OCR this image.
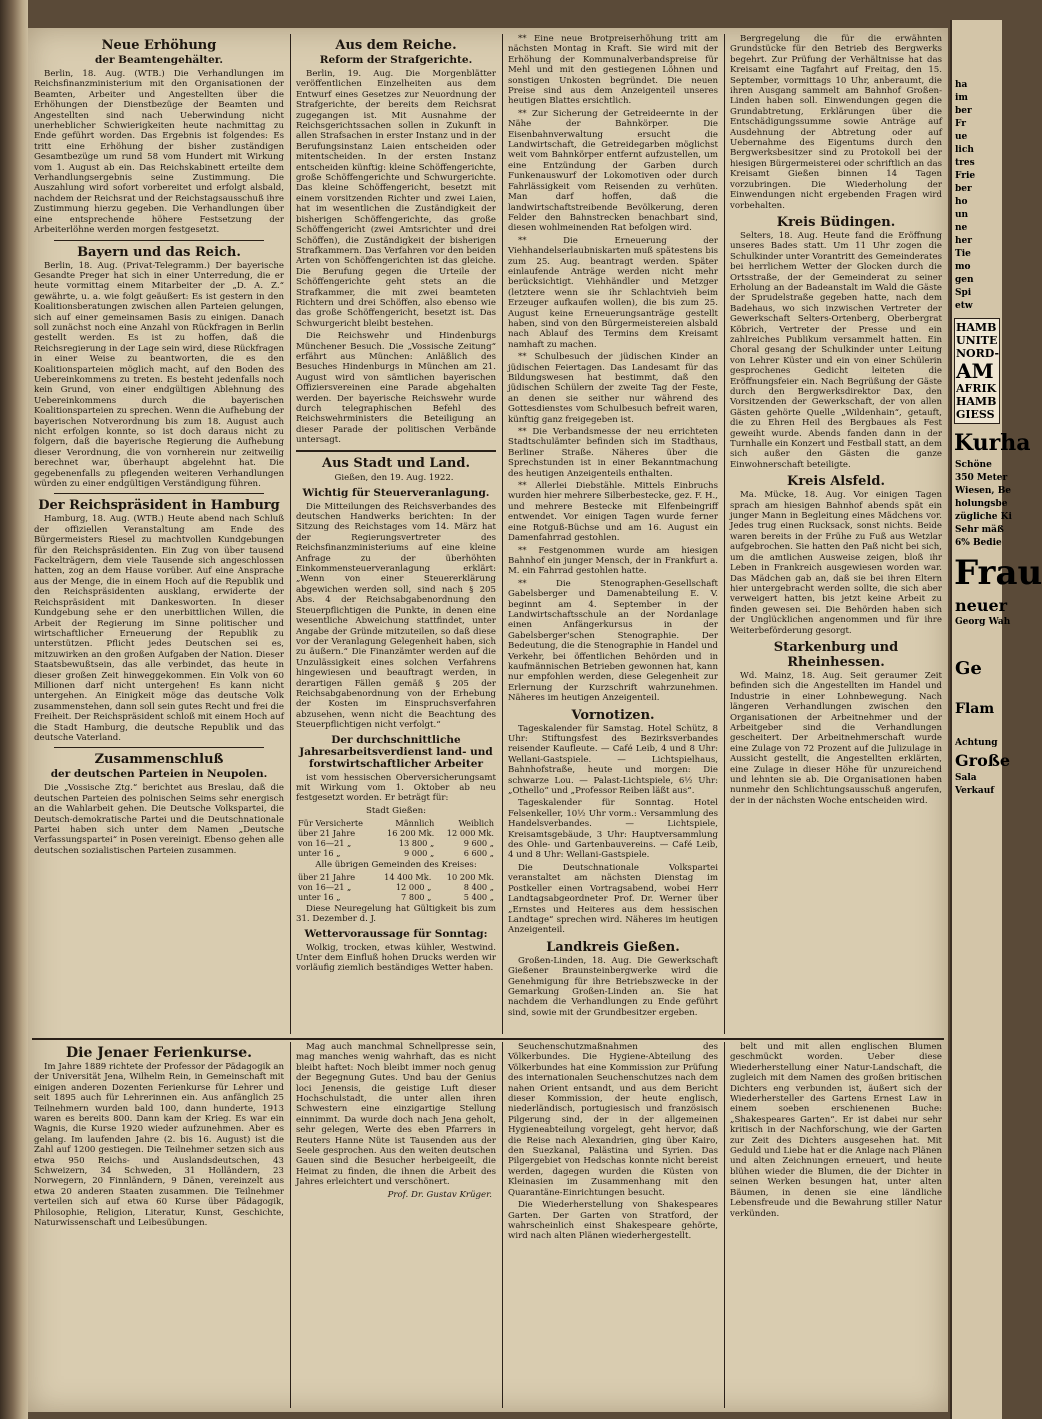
Neue Erhöhung
der Beamtengehälter.

Berlin, 18. Aug. (WTB.) Die Verhandlungen im Reichsfinanzministerium mit den Organisationen der Beamten, Arbeiter und Angestellten über die Erhöhungen der Dienstbezüge der Beamten und Angestellten sind nach Ueberwindung nicht unerheblicher Schwierigkeiten heute nachmittag zu Ende geführt worden. Das Ergebnis ist folgendes: Es tritt eine Erhöhung der bisher zuständigen Gesamtbezüge um rund 58 vom Hundert mit Wirkung vom 1. August ab ein. Das Reichskabinett erteilte dem Verhandlungsergebnis seine Zustimmung. Die Auszahlung wird sofort vorbereitet und erfolgt alsbald, nachdem der Reichsrat und der Reichstagsausschuß ihre Zustimmung hierzu gegeben. Die Verhandlungen über eine entsprechende höhere Festsetzung der Arbeiterlöhne werden morgen festgesetzt.

Bayern und das Reich.

Berlin, 18. Aug. (Privat-Telegramm.) Der bayerische Gesandte Preger hat sich in einer Unterredung, die er heute vormittag einem Mitarbeiter der „D. A. Z.“ gewährte, u. a. wie folgt geäußert: Es ist gestern in den Koalitionsberatungen zwischen allen Parteien gelungen, sich auf einer gemeinsamen Basis zu einigen. Danach soll zunächst noch eine Anzahl von Rückfragen in Berlin gestellt werden. Es ist zu hoffen, daß die Reichsregierung in der Lage sein wird, diese Rückfragen in einer Weise zu beantworten, die es den Koalitionsparteien möglich macht, auf den Boden des Uebereinkommens zu treten. Es besteht jedenfalls noch kein Grund, von einer endgültigen Ablehnung des Uebereinkommens durch die bayerischen Koalitionsparteien zu sprechen. Wenn die Aufhebung der bayerischen Notverordnung bis zum 18. August auch nicht erfolgen konnte, so ist doch daraus nicht zu folgern, daß die bayerische Regierung die Aufhebung dieser Verordnung, die von vornherein nur zeitweilig berechnet war, überhaupt abgelehnt hat. Die gegebenenfalls zu pflegenden weiteren Verhandlungen würden zu einer endgültigen Verständigung führen.

Der Reichspräsident in Hamburg

Hamburg, 18. Aug. (WTB.) Heute abend nach Schluß der offiziellen Veranstaltung am Ende des Bürgermeisters Riesel zu machtvollen Kundgebungen für den Reichspräsidenten. Ein Zug von über tausend Fackelträgern, dem viele Tausende sich angeschlossen hatten, zog an dem Hause vorüber. Auf eine Ansprache aus der Menge, die in einem Hoch auf die Republik und den Reichspräsidenten ausklang, erwiderte der Reichspräsident mit Dankesworten. In dieser Kundgebung sehe er den unerbittlichen Willen, die Arbeit der Regierung im Sinne politischer und wirtschaftlicher Erneuerung der Republik zu unterstützen. Pflicht jedes Deutschen sei es, mitzuwirken an den großen Aufgaben der Nation. Dieser Staatsbewußtsein, das alle verbindet, das heute in dieser großen Zeit hinweggekommen. Ein Volk von 60 Millionen darf nicht untergehen! Es kann nicht untergehen. An Einigkeit möge das deutsche Volk zusammenstehen, dann soll sein gutes Recht und frei die Freiheit. Der Reichspräsident schloß mit einem Hoch auf die Stadt Hamburg, die deutsche Republik und das deutsche Vaterland.

Zusammenschluß
der deutschen Parteien in Neupolen.

Die „Vossische Ztg.“ berichtet aus Breslau, daß die deutschen Parteien des polnischen Seims sehr energisch an die Wahlarbeit gehen. Die Deutsche Volkspartei, die Deutsch-demokratische Partei und die Deutschnationale Partei haben sich unter dem Namen „Deutsche Verfassungspartei“ in Posen vereinigt. Ebenso gehen alle deutschen sozialistischen Parteien zusammen.

Aus dem Reiche.
Reform der Strafgerichte.

Berlin, 19. Aug. Die Morgenblätter veröffentlichen Einzelheiten aus dem Entwurf eines Gesetzes zur Neuordnung der Strafgerichte, der bereits dem Reichsrat zugegangen ist. Mit Ausnahme der Reichsgerichtssachen sollen in Zukunft in allen Strafsachen in erster Instanz und in der Berufungsinstanz Laien entscheiden oder mitentscheiden. In der ersten Instanz entscheiden künftig: kleine Schöffengerichte, große Schöffengerichte und Schwurgerichte. Das kleine Schöffengericht, besetzt mit einem vorsitzenden Richter und zwei Laien, hat im wesentlichen die Zuständigkeit der bisherigen Schöffengerichte, das große Schöffengericht (zwei Amtsrichter und drei Schöffen), die Zuständigkeit der bisherigen Strafkammern. Das Verfahren vor den beiden Arten von Schöffengerichten ist das gleiche. Die Berufung gegen die Urteile der Schöffengerichte geht stets an die Strafkammer, die mit zwei beamteten Richtern und drei Schöffen, also ebenso wie das große Schöffengericht, besetzt ist. Das Schwurgericht bleibt bestehen.

Die Reichswehr und Hindenburgs Münchener Besuch. Die „Vossische Zeitung“ erfährt aus München: Anläßlich des Besuches Hindenburgs in München am 21. August wird von sämtlichen bayerischen Offiziersvereinen eine Parade abgehalten werden. Der bayerische Reichswehr wurde durch telegraphischen Befehl des Reichswehrministers die Beteiligung an dieser Parade der politischen Verbände untersagt.

Aus Stadt und Land.

Gießen, den 19. Aug. 1922.

Wichtig für Steuerveranlagung.

Die Mitteilungen des Reichsverbandes des deutschen Handwerks berichten: In der Sitzung des Reichstages vom 14. März hat der Regierungsvertreter des Reichsfinanzministeriums auf eine kleine Anfrage zu der überhöhten Einkommensteuerveranlagung erklärt: „Wenn von einer Steuererklärung abgewichen werden soll, sind nach § 205 Abs. 4 der Reichsabgabenordnung den Steuerpflichtigen die Punkte, in denen eine wesentliche Abweichung stattfindet, unter Angabe der Gründe mitzuteilen, so daß diese vor der Veranlagung Gelegenheit haben, sich zu äußern.“ Die Finanzämter werden auf die Unzulässigkeit eines solchen Verfahrens hingewiesen und beauftragt werden, in derartigen Fällen gemäß § 205 der Reichsabgabenordnung von der Erhebung der Kosten im Einspruchsverfahren abzusehen, wenn nicht die Beachtung des Steuerpflichtigen nicht verfolgt.“

Der durchschnittliche Jahresarbeitsverdienst land- und forstwirtschaftlicher Arbeiter

ist vom hessischen Oberversicherungsamt mit Wirkung vom 1. Oktober ab neu festgesetzt worden. Er beträgt für:

Stadt Gießen:
Für Versicherte	Männlich	Weiblich
über 21 Jahre	16 200 Mk.	12 000 Mk.
von 16—21 „	13 800 „	9 600 „
unter 16 „	9 000 „	6 600 „
Alle übrigen Gemeinden des Kreises:
über 21 Jahre	14 400 Mk.	10 200 Mk.
von 16—21 „	12 000 „	8 400 „
unter 16 „	7 800 „	5 400 „

Diese Neuregelung hat Gültigkeit bis zum 31. Dezember d. J.

Wettervoraussage für Sonntag:

Wolkig, trocken, etwas kühler, Westwind. Unter dem Einfluß hohen Drucks werden wir vorläufig ziemlich beständiges Wetter haben.

** Eine neue Brotpreiserhöhung tritt am nächsten Montag in Kraft. Sie wird mit der Erhöhung der Kommunalverbandspreise für Mehl und mit den gestiegenen Löhnen und sonstigen Unkosten begründet. Die neuen Preise sind aus dem Anzeigenteil unseres heutigen Blattes ersichtlich.

** Zur Sicherung der Getreideernte in der Nähe der Bahnkörper. Die Eisenbahnverwaltung ersucht die Landwirtschaft, die Getreidegarben möglichst weit vom Bahnkörper entfernt aufzustellen, um eine Entzündung der Garben durch Funkenauswurf der Lokomotiven oder durch Fahrlässigkeit vom Reisenden zu verhüten. Man darf hoffen, daß die landwirtschaftstreibende Bevölkerung, deren Felder den Bahnstrecken benachbart sind, diesen wohlmeinenden Rat befolgen wird.

** Die Erneuerung der Viehhandelserlaubniskarten muß spätestens bis zum 25. Aug. beantragt werden. Später einlaufende Anträge werden nicht mehr berücksichtigt. Viehhändler und Metzger (letztere wenn sie ihr Schlachtvieh beim Erzeuger aufkaufen wollen), die bis zum 25. August keine Erneuerungsanträge gestellt haben, sind von den Bürgermeistereien alsbald nach Ablauf des Termins dem Kreisamt namhaft zu machen.

** Schulbesuch der jüdischen Kinder an jüdischen Feiertagen. Das Landesamt für das Bildungswesen hat bestimmt, daß den jüdischen Schülern der zweite Tag der Feste, an denen sie seither nur während des Gottesdienstes vom Schulbesuch befreit waren, künftig ganz freigegeben ist.

** Die Verbandsmesse der neu errichteten Stadtschulämter befinden sich im Stadthaus, Berliner Straße. Näheres über die Sprechstunden ist in einer Bekanntmachung des heutigen Anzeigenteils enthalten.

** Allerlei Diebstähle. Mittels Einbruchs wurden hier mehrere Silberbestecke, gez. F. H., und mehrere Bestecke mit Elfenbeingriff entwendet. Vor einigen Tagen wurde ferner eine Rotguß-Büchse und am 16. August ein Damenfahrrad gestohlen.

** Festgenommen wurde am hiesigen Bahnhof ein junger Mensch, der in Frankfurt a. M. ein Fahrrad gestohlen hatte.

** Die Stenographen-Gesellschaft Gabelsberger und Damenabteilung E. V. beginnt am 4. September in der Landwirtschaftsschule an der Nordanlage einen Anfängerkursus in der Gabelsberger'schen Stenographie. Der Bedeutung, die die Stenographie in Handel und Verkehr, bei öffentlichen Behörden und in kaufmännischen Betrieben gewonnen hat, kann nur empfohlen werden, diese Gelegenheit zur Erlernung der Kurzschrift wahrzunehmen. Näheres im heutigen Anzeigenteil.

Vornotizen.

Tageskalender für Samstag. Hotel Schütz, 8 Uhr: Stiftungsfest des Bezirksverbandes reisender Kaufleute. — Café Leib, 4 und 8 Uhr: Wellani-Gastspiele. — Lichtspielhaus, Bahnhofstraße, heute und morgen: Die schwarze Lou. — Palast-Lichtspiele, 6½ Uhr: „Othello“ und „Professor Reiben läßt aus“.

Tageskalender für Sonntag. Hotel Felsenkeller, 10½ Uhr vorm.: Versammlung des Handelsverbandes. — Lichtspiele, Kreisamtsgebäude, 3 Uhr: Hauptversammlung des Ohle- und Gartenbauvereins. — Café Leib, 4 und 8 Uhr: Wellani-Gastspiele.

Die Deutschnationale Volkspartei veranstaltet am nächsten Dienstag im Postkeller einen Vortragsabend, wobei Herr Landtagsabgeordneter Prof. Dr. Werner über „Ernstes und Heiteres aus dem hessischen Landtage“ sprechen wird. Näheres im heutigen Anzeigenteil.

Landkreis Gießen.

Großen-Linden, 18. Aug. Die Gewerkschaft Gießener Braunsteinbergwerke wird die Genehmigung für ihre Betriebszwecke in der Gemarkung Großen-Linden an. Sie hat nachdem die Verhandlungen zu Ende geführt sind, sowie mit der Grundbesitzer ergeben.

Bergregelung die für die erwähnten Grundstücke für den Betrieb des Bergwerks begehrt. Zur Prüfung der Verhältnisse hat das Kreisamt eine Tagfahrt auf Freitag, den 15. September, vormittags 10 Uhr, anberaumt, die ihren Ausgang sammelt am Bahnhof Großen-Linden haben soll. Einwendungen gegen die Grundabtretung, Erklärungen über die Entschädigungssumme sowie Anträge auf Ausdehnung der Abtretung oder auf Uebernahme des Eigentums durch den Bergwerksbesitzer sind zu Protokoll bei der hiesigen Bürgermeisterei oder schriftlich an das Kreisamt Gießen binnen 14 Tagen vorzubringen. Die Wiederholung der Einwendungen nicht ergebenden Fragen wird vorbehalten.

Kreis Büdingen.

Selters, 18. Aug. Heute fand die Eröffnung unseres Bades statt. Um 11 Uhr zogen die Schulkinder unter Vorantritt des Gemeinderates bei herrlichem Wetter der Glocken durch die Ortsstraße, der der Gemeinderat zu seiner Erholung an der Badeanstalt im Wald die Gäste der Sprudelstraße gegeben hatte, nach dem Badehaus, wo sich inzwischen Vertreter der Gewerkschaft Selters-Ortenberg, Oberbergrat Köbrich, Vertreter der Presse und ein zahlreiches Publikum versammelt hatten. Ein Choral gesang der Schulkinder unter Leitung von Lehrer Küster und ein von einer Schülerin gesprochenes Gedicht leiteten die Eröffnungsfeier ein. Nach Begrüßung der Gäste durch den Bergwerksdirektor Dax, den Vorsitzenden der Gewerkschaft, der von allen Gästen gehörte Quelle „Wildenhain“, getauft, die zu Ehren Heil des Bergbaues als Fest geweiht wurde. Abends fanden dann in der Turnhalle ein Konzert und Festball statt, an dem sich außer den Gästen die ganze Einwohnerschaft beteiligte.

Kreis Alsfeld.

Ma. Mücke, 18. Aug. Vor einigen Tagen sprach am hiesigen Bahnhof abends spät ein junger Mann in Begleitung eines Mädchens vor. Jedes trug einen Rucksack, sonst nichts. Beide waren bereits in der Frühe zu Fuß aus Wetzlar aufgebrochen. Sie hatten den Paß nicht bei sich, um die amtlichen Ausweise zeigen, bloß ihr Leben in Frankreich ausgewiesen worden war. Das Mädchen gab an, daß sie bei ihren Eltern hier untergebracht werden sollte, die sich aber verweigert hatten, bis jetzt keine Arbeit zu finden gewesen sei. Die Behörden haben sich der Unglücklichen angenommen und für ihre Weiterbeförderung gesorgt.

Starkenburg und Rheinhessen.

Wd. Mainz, 18. Aug. Seit geraumer Zeit befinden sich die Angestellten im Handel und Industrie in einer Lohnbewegung. Nach längeren Verhandlungen zwischen den Organisationen der Arbeitnehmer und der Arbeitgeber sind die Verhandlungen gescheitert. Der Arbeitnehmerschaft wurde eine Zulage von 72 Prozent auf die Julizulage in Aussicht gestellt, die Angestellten erklärten, eine Zulage in dieser Höhe für unzureichend und lehnten sie ab. Die Organisationen haben nunmehr den Schlichtungsausschuß angerufen, der in der nächsten Woche entscheiden wird.

Die Jenaer Ferienkurse.

Im Jahre 1889 richtete der Professor der Pädagogik an der Universität Jena, Wilhelm Rein, in Gemeinschaft mit einigen anderen Dozenten Ferienkurse für Lehrer und seit 1895 auch für Lehrerinnen ein. Aus anfänglich 25 Teilnehmern wurden bald 100, dann hunderte, 1913 waren es bereits 800. Dann kam der Krieg. Es war ein Wagnis, die Kurse 1920 wieder aufzunehmen. Aber es gelang. Im laufenden Jahre (2. bis 16. August) ist die Zahl auf 1200 gestiegen. Die Teilnehmer setzen sich aus etwa 950 Reichs- und Auslandsdeutschen, 43 Schweizern, 34 Schweden, 31 Holländern, 23 Norwegern, 20 Finnländern, 9 Dänen, vereinzelt aus etwa 20 anderen Staaten zusammen. Die Teilnehmer verteilen sich auf etwa 60 Kurse über Pädagogik, Philosophie, Religion, Literatur, Kunst, Geschichte, Naturwissenschaft und Leibesübungen.

Mag auch manchmal Schnellpresse sein, mag manches wenig wahrhaft, das es nicht bleibt haftet: Noch bleibt immer noch genug der Begegnung Gutes. Und bau der Genius loci Jenensis, die geistige Luft dieser Hochschulstadt, die unter allen ihren Schwestern eine einzigartige Stellung einnimmt. Da wurde doch nach Jena geholt, sehr gelegen, Werte des eben Pfarrers in Reuters Hanne Nüte ist Tausenden aus der Seele gesprochen. Aus den weiten deutschen Gauen sind die Besucher herbeigeeilt, die Heimat zu finden, die ihnen die Arbeit des Jahres erleichtert und verschönert.

Prof. Dr. Gustav Krüger.

Seuchenschutzmaßnahmen des Völkerbundes. Die Hygiene-Abteilung des Völkerbundes hat eine Kommission zur Prüfung des internationalen Seuchenschutzes nach dem nahen Orient entsandt, und aus dem Bericht dieser Kommission, der heute englisch, niederländisch, portugiesisch und französisch Pilgerung sind, der in der allgemeinen Hygieneabteilung vorgelegt, geht hervor, daß die Reise nach Alexandrien, ging über Kairo, den Suezkanal, Palästina und Syrien. Das Pilgergebiet von Hedschas konnte nicht bereist werden, dagegen wurden die Küsten von Kleinasien im Zusammenhang mit den Quarantäne-Einrichtungen besucht.

Die Wiederherstellung von Shakespeares Garten. Der Garten von Stratford, der wahrscheinlich einst Shakespeare gehörte, wird nach alten Plänen wiederhergestellt.

belt und mit allen englischen Blumen geschmückt worden. Ueber diese Wiederherstellung einer Natur-Landschaft, die zugleich mit dem Namen des großen britischen Dichters eng verbunden ist, äußert sich der Wiederhersteller des Gartens Ernest Law in einem soeben erschienenen Buche: „Shakespeares Garten“. Er ist dabei nur sehr kritisch in der Nachforschung, wie der Garten zur Zeit des Dichters ausgesehen hat. Mit Geduld und Liebe hat er die Anlage nach Plänen und alten Zeichnungen erneuert, und heute blühen wieder die Blumen, die der Dichter in seinen Werken besungen hat, unter alten Bäumen, in denen sie eine ländliche Lebensfreude und die Bewahrung stiller Natur verkünden.

ha
im
ber
Fr
ue
lich
tres
Frie
ber
ho
un
ne
her
Tie
mo
gen
Spi
etw
HAMB
UNITE
NORD-
AM
AFRIK
HAMB
GIESS
Kurha
Schöne
350 Meter
Wiesen, Be
holungsbe
zügliche Ki
Sehr mäß
6% Bedie
Frau
neuer
Georg Wah
Ge
Flam
Achtung
Große
Sala
Verkauf
